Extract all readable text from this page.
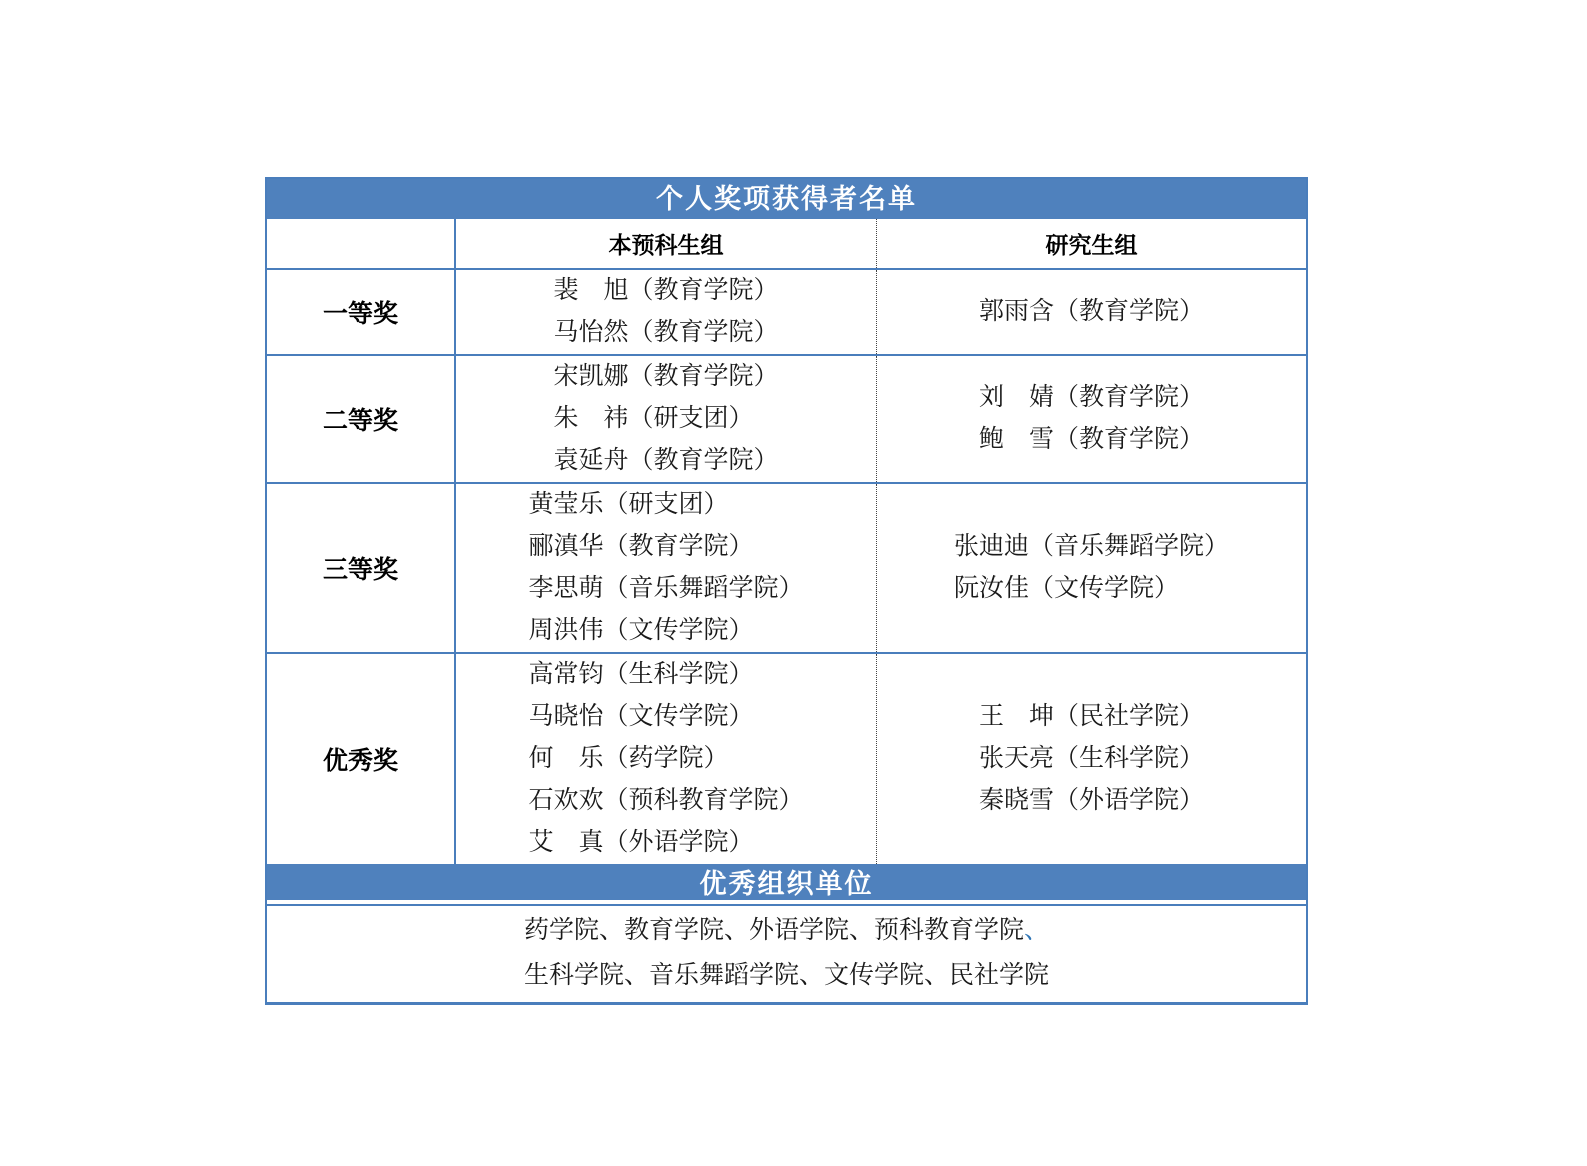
个人奖项获得者名单
本预科生组	研究生组
一等奖
裴　旭（教育学院）
马怡然（教育学院）
郭雨含（教育学院）
二等奖
宋凯娜（教育学院）
朱　祎（研支团）
袁延舟（教育学院）
刘　婧（教育学院）
鲍　雪（教育学院）
三等奖
黄莹乐（研支团）
郦滇华（教育学院）
李思萌（音乐舞蹈学院）
周洪伟（文传学院）
张迪迪（音乐舞蹈学院）
阮汝佳（文传学院）
优秀奖
高常钧（生科学院）
马晓怡（文传学院）
何　乐（药学院）
石欢欢（预科教育学院）
艾　真（外语学院）
王　坤（民社学院）
张天亮（生科学院）
秦晓雪（外语学院）
优秀组织单位
药学院、教育学院、外语学院、预科教育学院、
生科学院、音乐舞蹈学院、文传学院、民社学院
